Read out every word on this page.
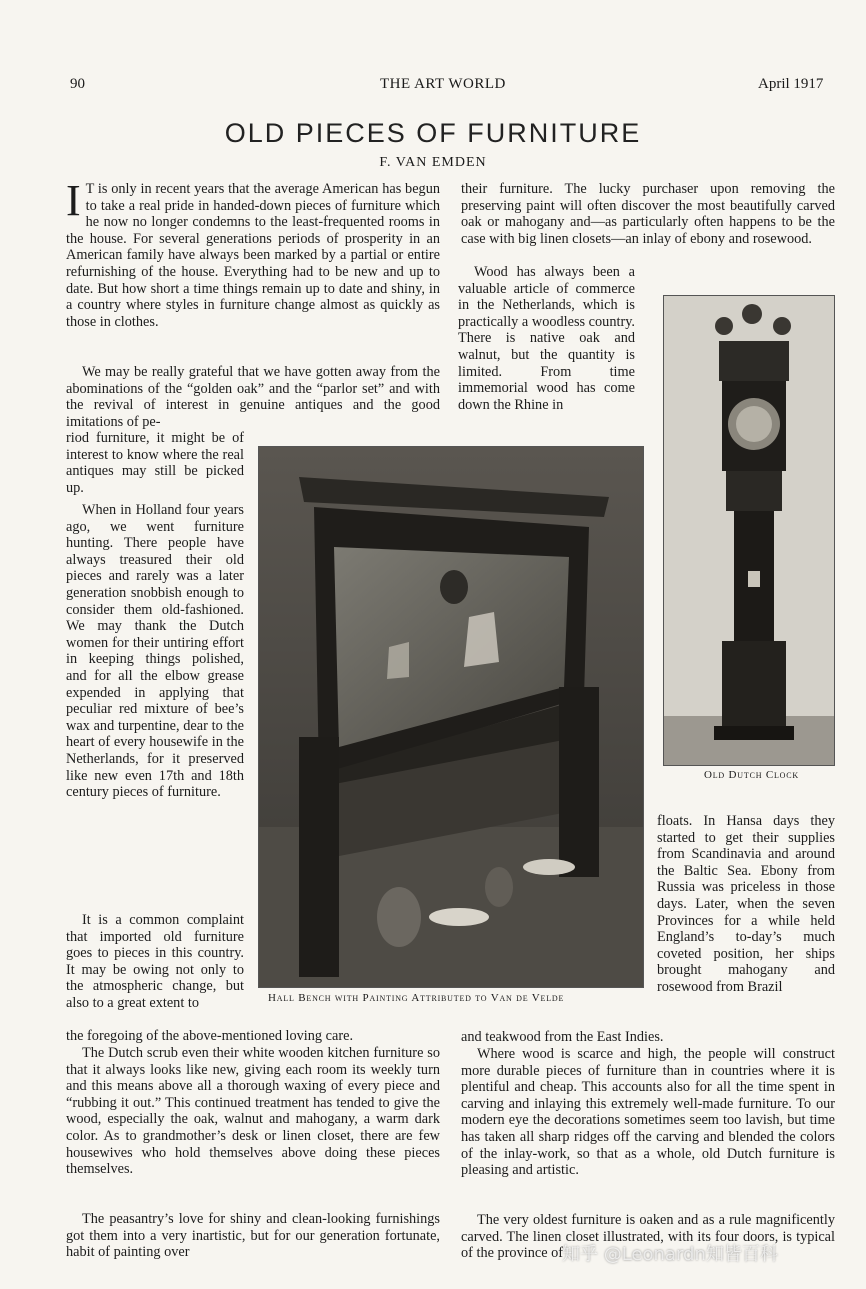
90	THE ART WORLD	April 1917
OLD PIECES OF FURNITURE
F. VAN EMDEN

I T is only in recent years that the average American has begun to take a real pride in handed-down pieces of furniture which he now no longer condemns to the least-frequented rooms in the house. For several generations periods of prosperity in an American family have always been marked by a partial or entire refurnishing of the house. Everything had to be new and up to date. But how short a time things remain up to date and shiny, in a country where styles in furniture change almost as quickly as those in clothes.

We may be really grateful that we have gotten away from the abominations of the “golden oak” and the “parlor set” and with the revival of interest in genuine antiques and the good imitations of pe-

riod furniture, it might be of interest to know where the real antiques may still be picked up.

When in Holland four years ago, we went furniture hunting. There people have always treasured their old pieces and rarely was a later generation snobbish enough to consider them old-fashioned. We may thank the Dutch women for their untiring effort in keeping things polished, and for all the elbow grease expended in applying that peculiar red mixture of bee’s wax and turpentine, dear to the heart of every housewife in the Netherlands, for it preserved like new even 17th and 18th century pieces of furniture.

It is a common complaint that imported old furniture goes to pieces in this country. It may be owing not only to the atmospheric change, but also to a great extent to

the foregoing of the above-mentioned loving care.

The Dutch scrub even their white wooden kitchen furniture so that it always looks like new, giving each room its weekly turn and this means above all a thorough waxing of every piece and “rubbing it out.” This continued treatment has tended to give the wood, especially the oak, walnut and mahogany, a warm dark color. As to grandmother’s desk or linen closet, there are few housewives who hold themselves above doing these pieces themselves.

The peasantry’s love for shiny and clean-looking furnishings got them into a very inartistic, but for our generation fortunate, habit of painting over

their furniture. The lucky purchaser upon removing the preserving paint will often discover the most beautifully carved oak or mahogany and—as particularly often happens to be the case with big linen closets—an inlay of ebony and rosewood.

Wood has always been a valuable article of commerce in the Netherlands, which is practically a woodless country. There is native oak and walnut, but the quantity is limited. From time immemorial wood has come down the Rhine in

Hall Bench with Painting Attributed to Van de Velde
Old Dutch Clock

floats. In Hansa days they started to get their supplies from Scandinavia and around the Baltic Sea. Ebony from Russia was priceless in those days. Later, when the seven Provinces for a while held England’s to-day’s much coveted position, her ships brought mahogany and rosewood from Brazil

and teakwood from the East Indies.

Where wood is scarce and high, the people will construct more durable pieces of furniture than in countries where it is plentiful and cheap. This accounts also for all the time spent in carving and inlaying this extremely well-made furniture. To our modern eye the decorations sometimes seem too lavish, but time has taken all sharp ridges off the carving and blended the colors of the inlay-work, so that as a whole, old Dutch furniture is pleasing and artistic.

The very oldest furniture is oaken and as a rule magnificently carved. The linen closet illustrated, with its four doors, is typical of the province of

知乎 @Leonardn知皆百科
